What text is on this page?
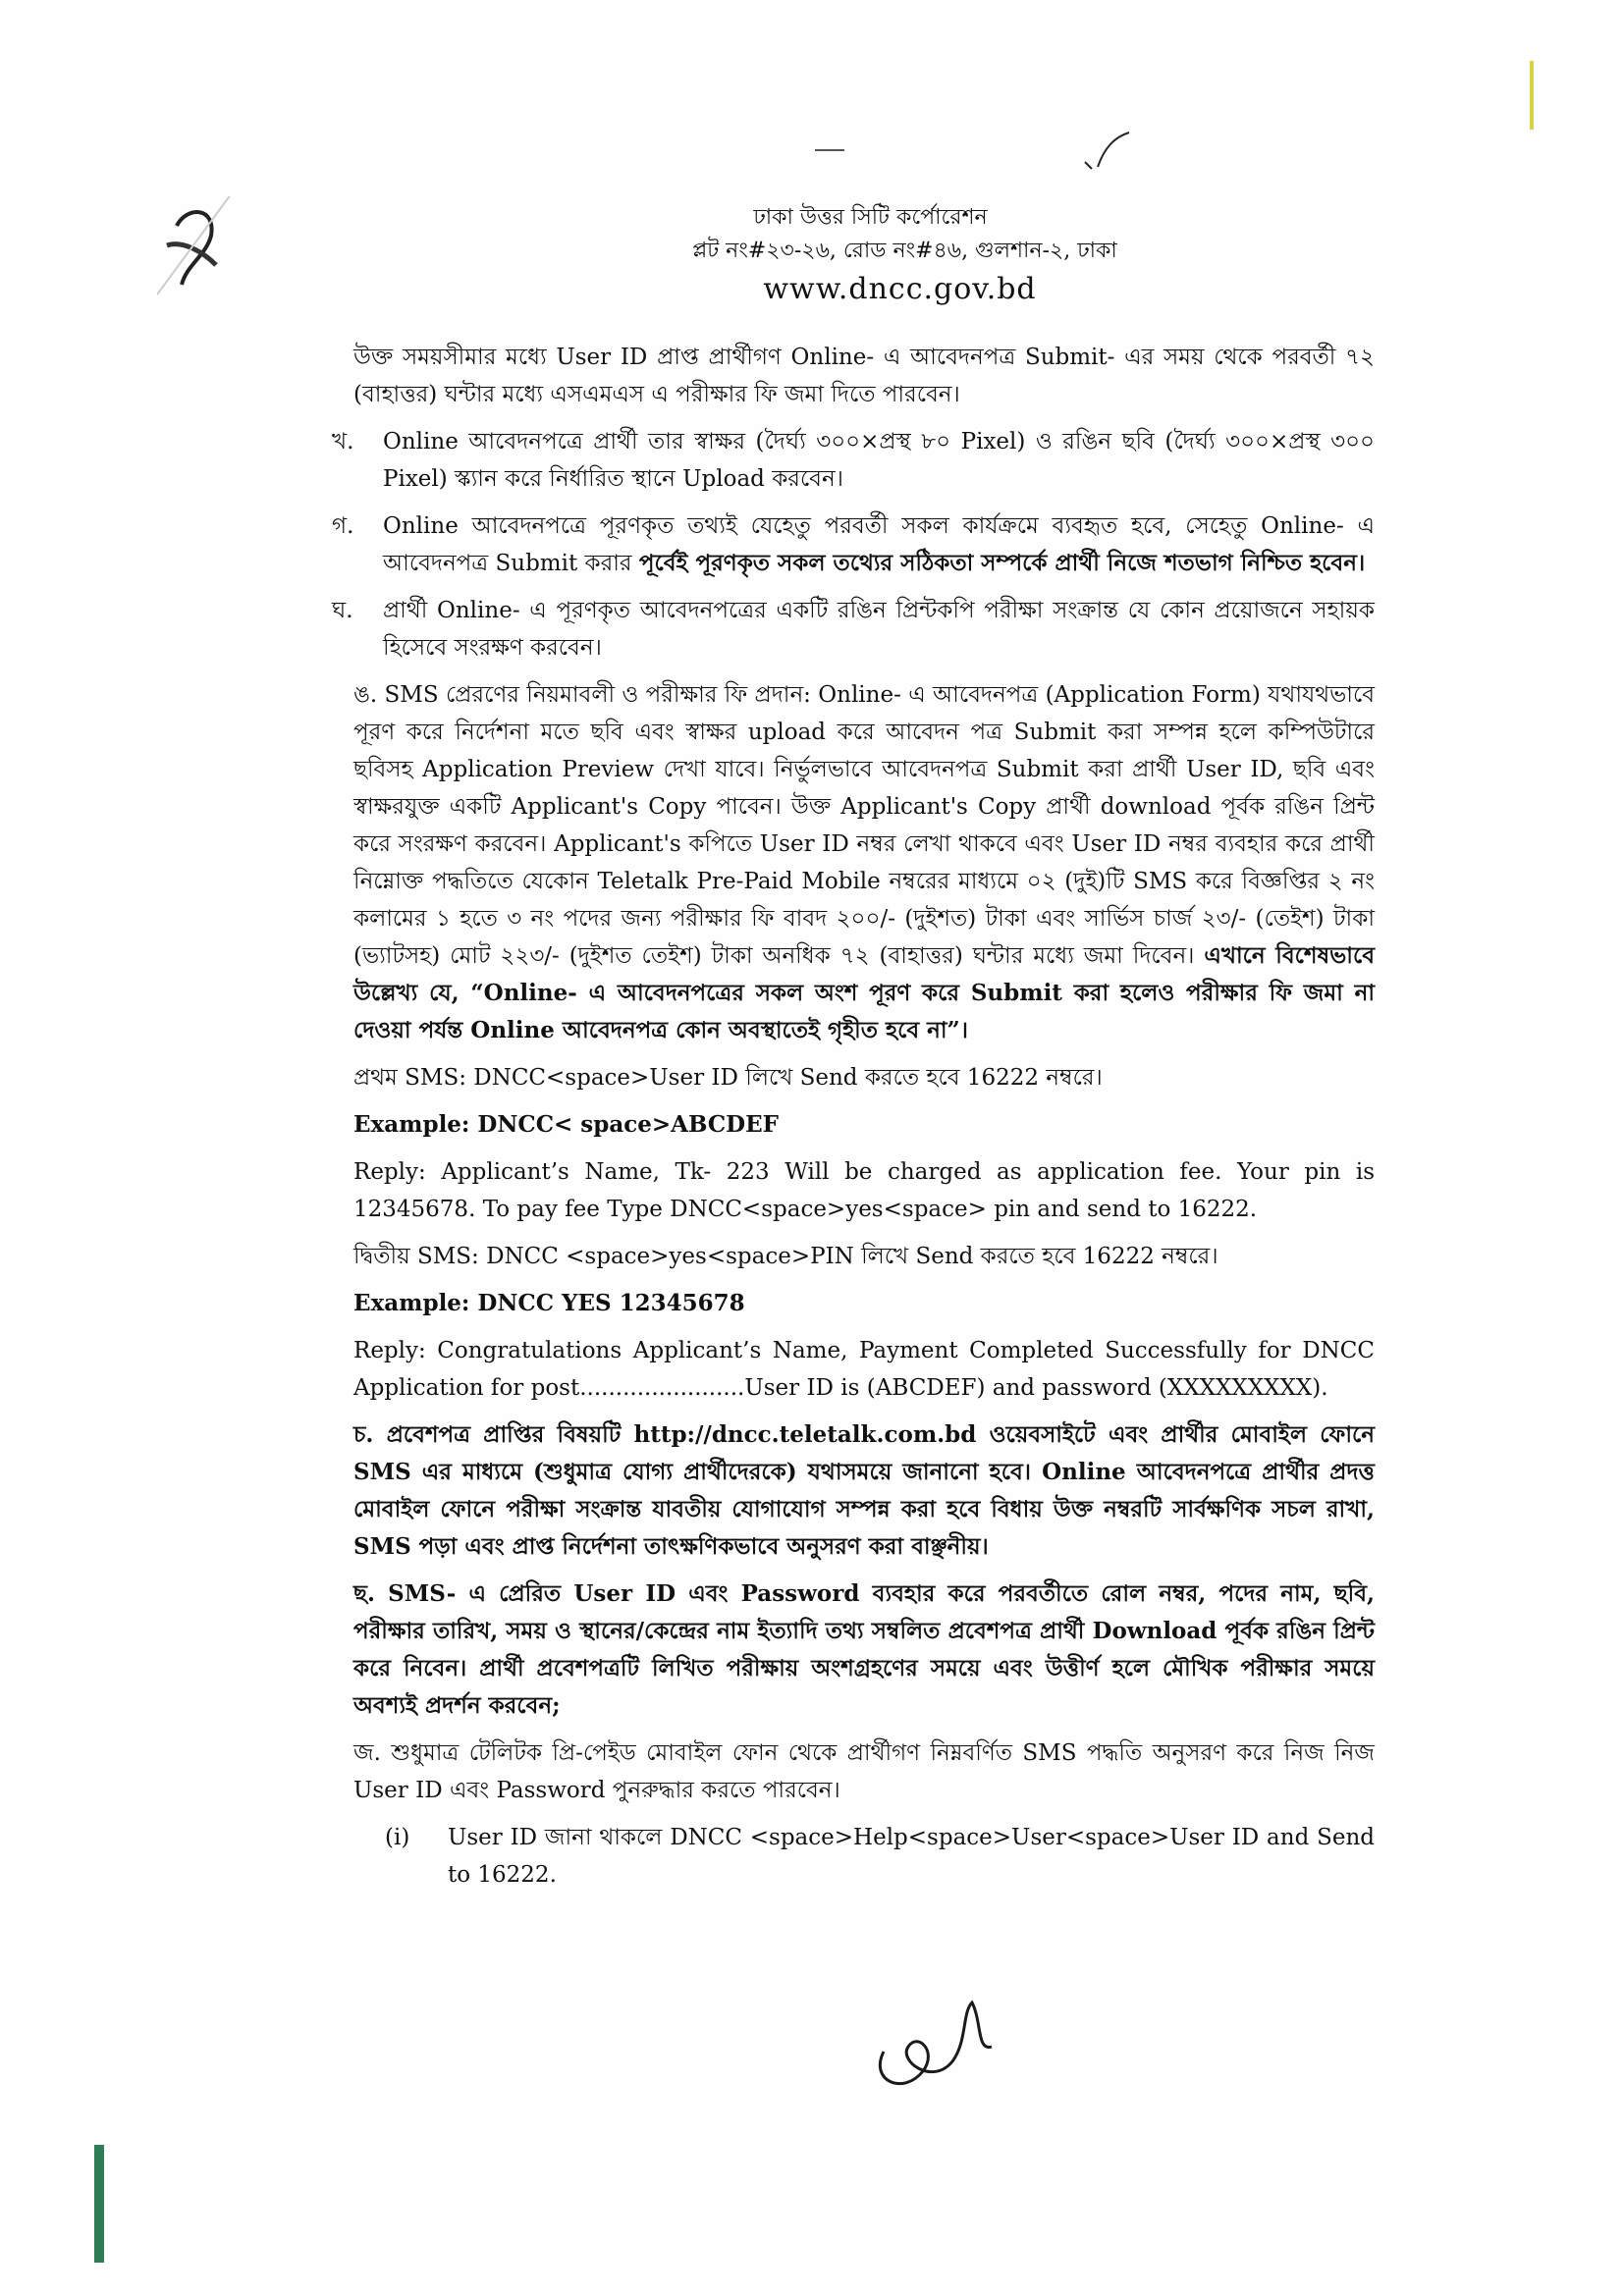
ঢাকা উত্তর সিটি কর্পোরেশন
প্লট নং#২৩-২৬, রোড নং#৪৬, গুলশান-২, ঢাকা
www.dncc.gov.bd

উক্ত সময়সীমার মধ্যে User ID প্রাপ্ত প্রার্থীগণ Online- এ আবেদনপত্র Submit- এর সময় থেকে পরবর্তী ৭২ (বাহাত্তর) ঘন্টার মধ্যে এসএমএস এ পরীক্ষার ফি জমা দিতে পারবেন।

খ. Online আবেদনপত্রে প্রার্থী তার স্বাক্ষর (দৈর্ঘ্য ৩০০×প্রস্থ ৮০ Pixel) ও রঙিন ছবি (দৈর্ঘ্য ৩০০×প্রস্থ ৩০০ Pixel) স্ক্যান করে নির্ধারিত স্থানে Upload করবেন।

গ. Online আবেদনপত্রে পূরণকৃত তথ্যই যেহেতু পরবর্তী সকল কার্যক্রমে ব্যবহৃত হবে, সেহেতু Online- এ আবেদনপত্র Submit করার পূর্বেই পূরণকৃত সকল তথ্যের সঠিকতা সম্পর্কে প্রার্থী নিজে শতভাগ নিশ্চিত হবেন।

ঘ. প্রার্থী Online- এ পূরণকৃত আবেদনপত্রের একটি রঙিন প্রিন্টকপি পরীক্ষা সংক্রান্ত যে কোন প্রয়োজনে সহায়ক হিসেবে সংরক্ষণ করবেন।

ঙ. SMS প্রেরণের নিয়মাবলী ও পরীক্ষার ফি প্রদান: Online- এ আবেদনপত্র (Application Form) যথাযথভাবে পূরণ করে নির্দেশনা মতে ছবি এবং স্বাক্ষর upload করে আবেদন পত্র Submit করা সম্পন্ন হলে কম্পিউটারে ছবিসহ Application Preview দেখা যাবে। নির্ভুলভাবে আবেদনপত্র Submit করা প্রার্থী User ID, ছবি এবং স্বাক্ষরযুক্ত একটি Applicant's Copy পাবেন। উক্ত Applicant's Copy প্রার্থী download পূর্বক রঙিন প্রিন্ট করে সংরক্ষণ করবেন। Applicant's কপিতে User ID নম্বর লেখা থাকবে এবং User ID নম্বর ব্যবহার করে প্রার্থী নিম্নোক্ত পদ্ধতিতে যেকোন Teletalk Pre-Paid Mobile নম্বরের মাধ্যমে ০২ (দুই)টি SMS করে বিজ্ঞপ্তির ২ নং কলামের ১ হতে ৩ নং পদের জন্য পরীক্ষার ফি বাবদ ২০০/- (দুইশত) টাকা এবং সার্ভিস চার্জ ২৩/- (তেইশ) টাকা (ভ্যাটসহ) মোট ২২৩/- (দুইশত তেইশ) টাকা অনধিক ৭২ (বাহাত্তর) ঘন্টার মধ্যে জমা দিবেন। এখানে বিশেষভাবে উল্লেখ্য যে, “Online- এ আবেদনপত্রের সকল অংশ পূরণ করে Submit করা হলেও পরীক্ষার ফি জমা না দেওয়া পর্যন্ত Online আবেদনপত্র কোন অবস্থাতেই গৃহীত হবে না”।

প্রথম SMS: DNCC<space>User ID লিখে Send করতে হবে 16222 নম্বরে।

Example: DNCC< space>ABCDEF

Reply: Applicant’s Name, Tk- 223 Will be charged as application fee. Your pin is 12345678. To pay fee Type DNCC<space>yes<space> pin and send to 16222.

দ্বিতীয় SMS: DNCC <space>yes<space>PIN লিখে Send করতে হবে 16222 নম্বরে।

Example: DNCC YES 12345678

Reply: Congratulations Applicant’s Name, Payment Completed Successfully for DNCC Application for post.......................User ID is (ABCDEF) and password (XXXXXXXXX).

চ. প্রবেশপত্র প্রাপ্তির বিষয়টি http://dncc.teletalk.com.bd ওয়েবসাইটে এবং প্রার্থীর মোবাইল ফোনে SMS এর মাধ্যমে (শুধুমাত্র যোগ্য প্রার্থীদেরকে) যথাসময়ে জানানো হবে। Online আবেদনপত্রে প্রার্থীর প্রদত্ত মোবাইল ফোনে পরীক্ষা সংক্রান্ত যাবতীয় যোগাযোগ সম্পন্ন করা হবে বিধায় উক্ত নম্বরটি সার্বক্ষণিক সচল রাখা, SMS পড়া এবং প্রাপ্ত নির্দেশনা তাৎক্ষণিকভাবে অনুসরণ করা বাঞ্ছনীয়।

ছ. SMS- এ প্রেরিত User ID এবং Password ব্যবহার করে পরবর্তীতে রোল নম্বর, পদের নাম, ছবি, পরীক্ষার তারিখ, সময় ও স্থানের/কেন্দ্রের নাম ইত্যাদি তথ্য সম্বলিত প্রবেশপত্র প্রার্থী Download পূর্বক রঙিন প্রিন্ট করে নিবেন। প্রার্থী প্রবেশপত্রটি লিখিত পরীক্ষায় অংশগ্রহণের সময়ে এবং উত্তীর্ণ হলে মৌখিক পরীক্ষার সময়ে অবশ্যই প্রদর্শন করবেন;

জ. শুধুমাত্র টেলিটক প্রি-পেইড মোবাইল ফোন থেকে প্রার্থীগণ নিম্নবর্ণিত SMS পদ্ধতি অনুসরণ করে নিজ নিজ User ID এবং Password পুনরুদ্ধার করতে পারবেন।

(i) User ID জানা থাকলে DNCC <space>Help<space>User<space>User ID and Send to 16222.
